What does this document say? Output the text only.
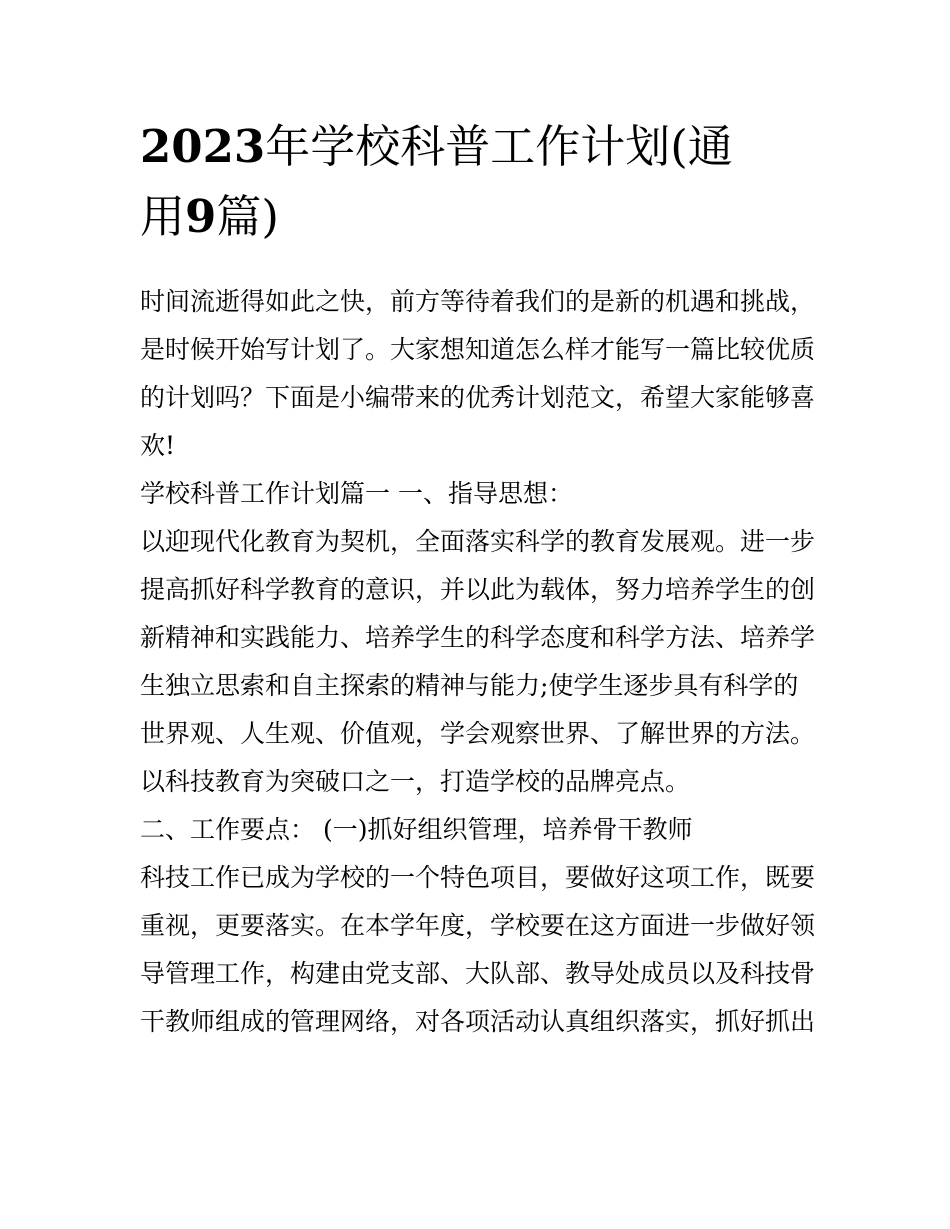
2023年学校科普工作计划(通
用9篇)
时间流逝得如此之快，前方等待着我们的是新的机遇和挑战，
是时候开始写计划了。大家想知道怎么样才能写一篇比较优质
的计划吗？下面是小编带来的优秀计划范文，希望大家能够喜
欢!
学校科普工作计划篇一 一、指导思想：
以迎现代化教育为契机，全面落实科学的教育发展观。进一步
提高抓好科学教育的意识，并以此为载体，努力培养学生的创
新精神和实践能力、培养学生的科学态度和科学方法、培养学
生独立思索和自主探索的精神与能力;使学生逐步具有科学的
世界观、人生观、价值观，学会观察世界、了解世界的方法。
以科技教育为突破口之一，打造学校的品牌亮点。
二、工作要点： (一)抓好组织管理，培养骨干教师
科技工作已成为学校的一个特色项目，要做好这项工作，既要
重视，更要落实。在本学年度，学校要在这方面进一步做好领
导管理工作，构建由党支部、大队部、教导处成员以及科技骨
干教师组成的管理网络，对各项活动认真组织落实，抓好抓出
